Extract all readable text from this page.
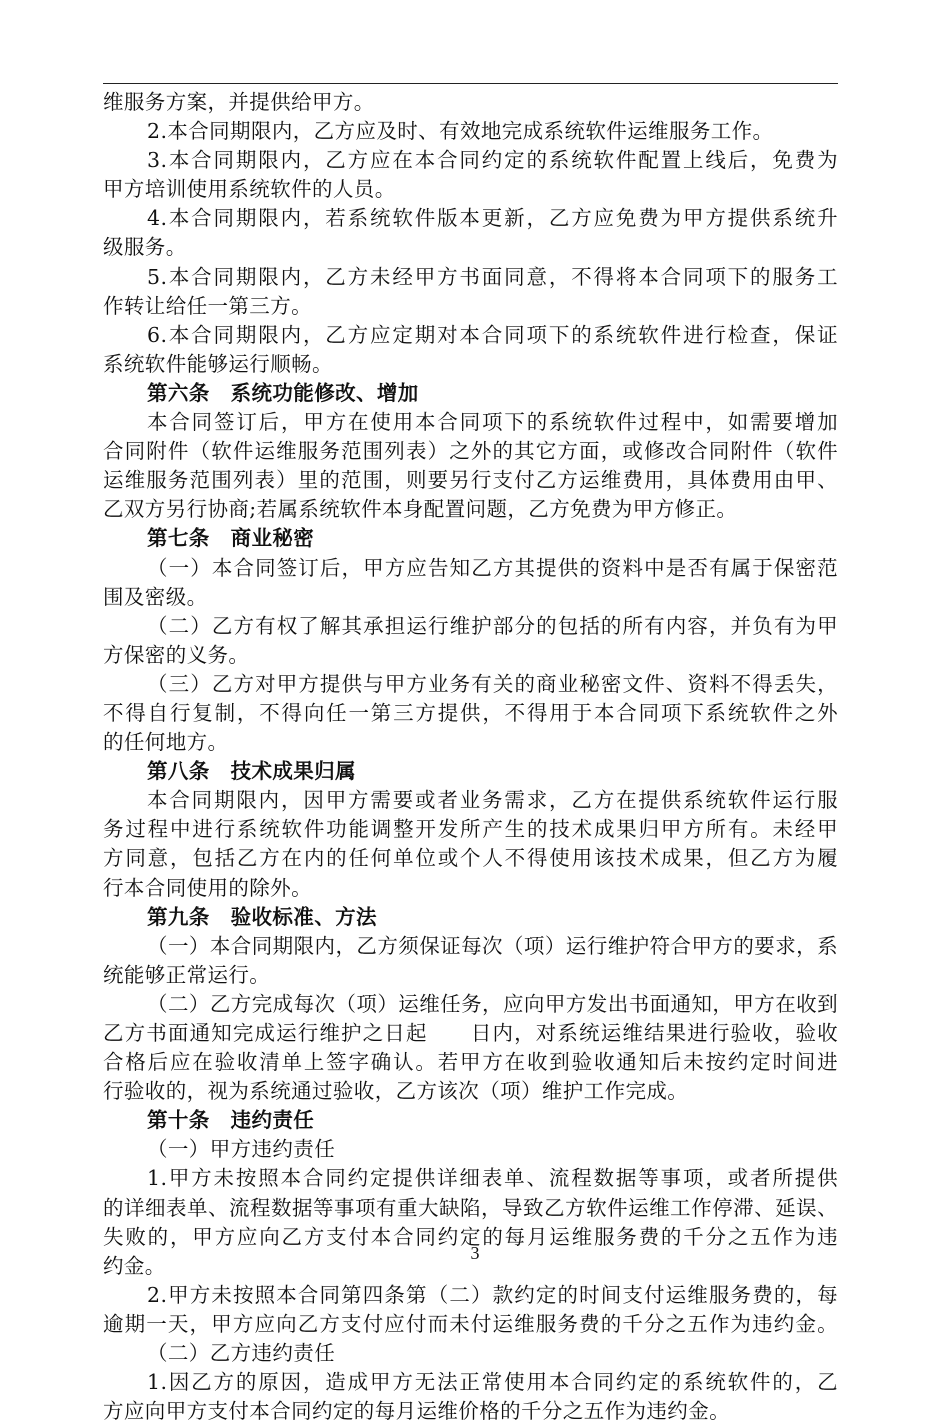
维服务方案，并提供给甲方。
2.本合同期限内，乙方应及时、有效地完成系统软件运维服务工作。
3.本合同期限内，乙方应在本合同约定的系统软件配置上线后，免费为
甲方培训使用系统软件的人员。
4.本合同期限内，若系统软件版本更新，乙方应免费为甲方提供系统升
级服务。
5.本合同期限内，乙方未经甲方书面同意，不得将本合同项下的服务工
作转让给任一第三方。
6.本合同期限内，乙方应定期对本合同项下的系统软件进行检查，保证
系统软件能够运行顺畅。
第六条　系统功能修改、增加
本合同签订后，甲方在使用本合同项下的系统软件过程中，如需要增加
合同附件（软件运维服务范围列表）之外的其它方面，或修改合同附件（软件
运维服务范围列表）里的范围，则要另行支付乙方运维费用，具体费用由甲、
乙双方另行协商;若属系统软件本身配置问题，乙方免费为甲方修正。
第七条　商业秘密
（一）本合同签订后，甲方应告知乙方其提供的资料中是否有属于保密范
围及密级。
（二）乙方有权了解其承担运行维护部分的包括的所有内容，并负有为甲
方保密的义务。
（三）乙方对甲方提供与甲方业务有关的商业秘密文件、资料不得丢失，
不得自行复制，不得向任一第三方提供，不得用于本合同项下系统软件之外
的任何地方。
第八条　技术成果归属
本合同期限内，因甲方需要或者业务需求，乙方在提供系统软件运行服
务过程中进行系统软件功能调整开发所产生的技术成果归甲方所有。未经甲
方同意，包括乙方在内的任何单位或个人不得使用该技术成果，但乙方为履
行本合同使用的除外。
第九条　验收标准、方法
（一）本合同期限内，乙方须保证每次（项）运行维护符合甲方的要求，系
统能够正常运行。
（二）乙方完成每次（项）运维任务，应向甲方发出书面通知，甲方在收到
乙方书面通知完成运行维护之日起　　日内，对系统运维结果进行验收，验收
合格后应在验收清单上签字确认。若甲方在收到验收通知后未按约定时间进
行验收的，视为系统通过验收，乙方该次（项）维护工作完成。
第十条　违约责任
（一）甲方违约责任
1.甲方未按照本合同约定提供详细表单、流程数据等事项，或者所提供
的详细表单、流程数据等事项有重大缺陷，导致乙方软件运维工作停滞、延误、
失败的，甲方应向乙方支付本合同约定的每月运维服务费的千分之五作为违
约金。
2.甲方未按照本合同第四条第（二）款约定的时间支付运维服务费的，每
逾期一天，甲方应向乙方支付应付而未付运维服务费的千分之五作为违约金。
（二）乙方违约责任
1.因乙方的原因，造成甲方无法正常使用本合同约定的系统软件的，乙
方应向甲方支付本合同约定的每月运维价格的千分之五作为违约金。
3
